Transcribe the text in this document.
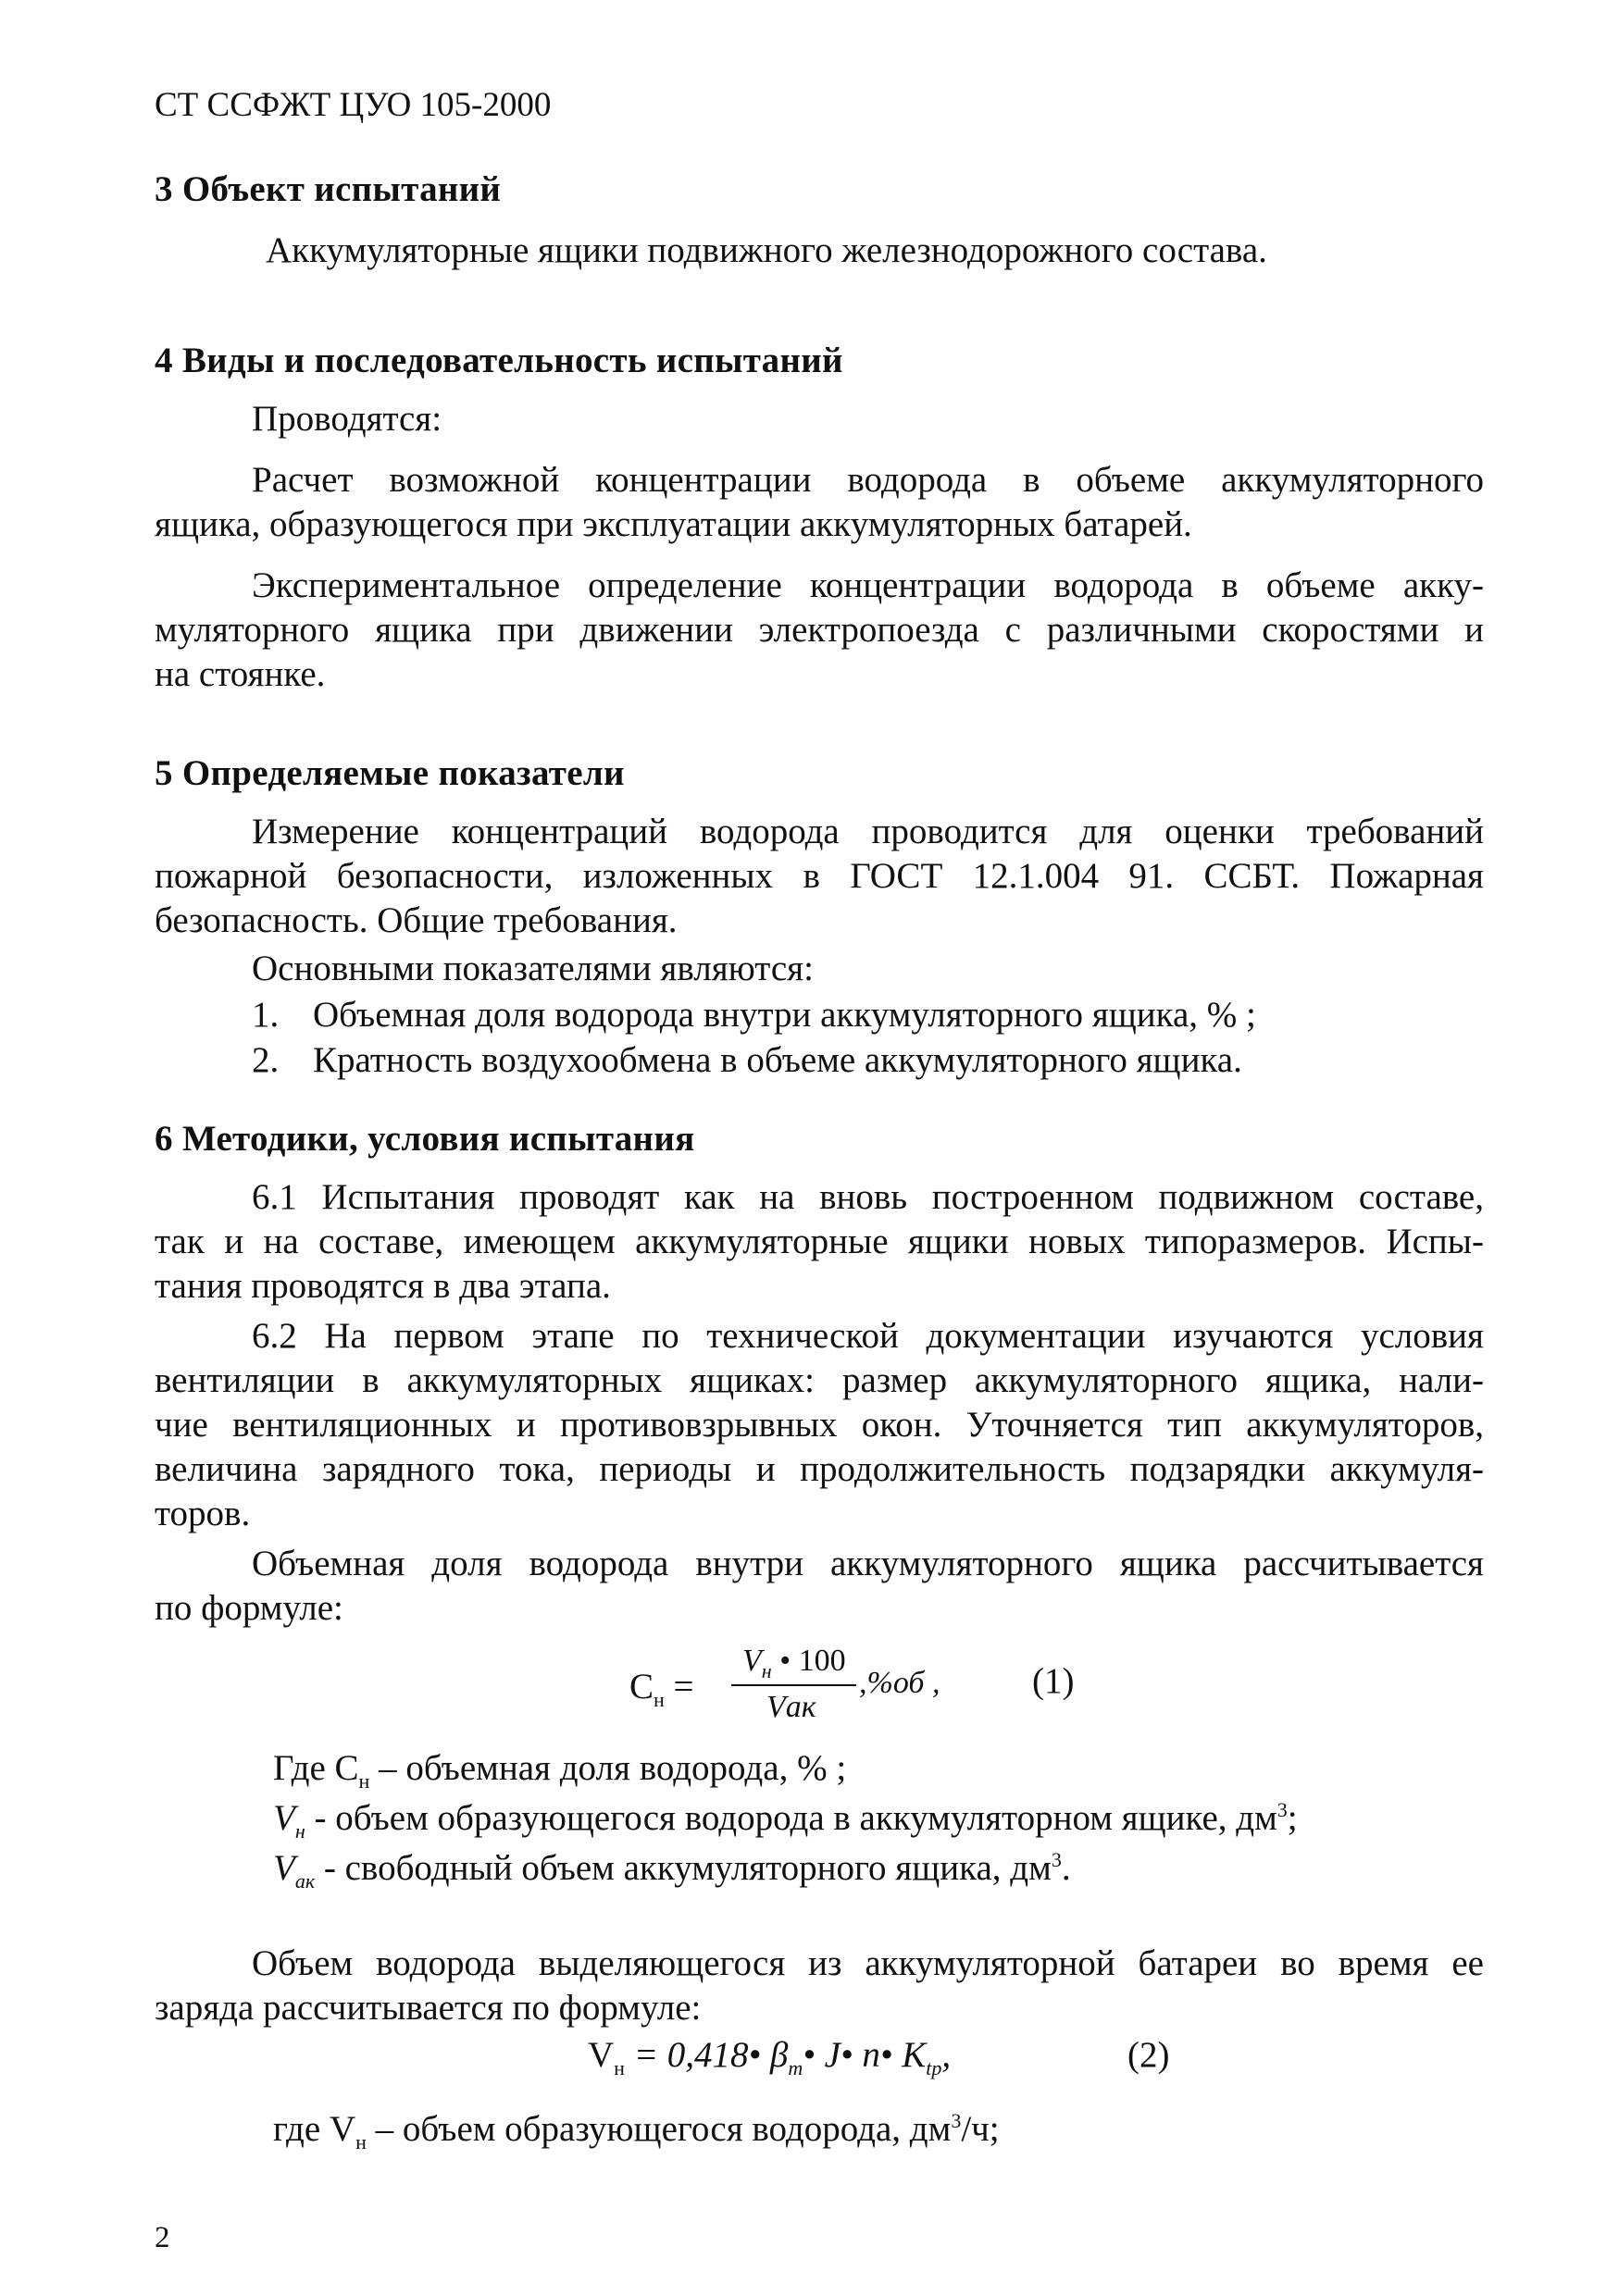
СТ ССФЖТ ЦУО 105-2000
3 Объект испытаний
Аккумуляторные ящики подвижного железнодорожного состава.
4 Виды и последовательность испытаний
Проводятся:
Расчет возможной концентрации водорода в объеме аккумуляторного
ящика, образующегося при эксплуатации аккумуляторных батарей.
Экспериментальное определение концентрации водорода в объеме акку-
муляторного ящика при движении электропоезда с различными скоростями и
на стоянке.
5 Определяемые показатели
Измерение концентраций водорода проводится для оценки требований
пожарной безопасности, изложенных в ГОСТ 12.1.004 91. ССБТ. Пожарная
безопасность. Общие требования.
Основными показателями являются:
1. Объемная доля водорода внутри аккумуляторного ящика, % ;
2. Кратность воздухообмена в объеме аккумуляторного ящика.
6 Методики, условия испытания
6.1 Испытания проводят как на вновь построенном подвижном составе,
так и на составе, имеющем аккумуляторные ящики новых типоразмеров. Испы-
тания проводятся в два этапа.
6.2 На первом этапе по технической документации изучаются условия
вентиляции в аккумуляторных ящиках: размер аккумуляторного ящика, нали-
чие вентиляционных и противовзрывных окон. Уточняется тип аккумуляторов,
величина зарядного тока, периоды и продолжительность подзарядки аккумуля-
торов.
Объемная доля водорода внутри аккумуляторного ящика рассчитывается
по формуле:
$С_н$ =
$V_н$ • 100
Vак
,%об ,	(1)
Где $С_н$ – объемная доля водорода, % ;
$V_н$ - объем образующегося водорода в аккумуляторном ящике, $дм^3$;
$V_{ак}$ - свободный объем аккумуляторного ящика, $дм^3$.
Объем водорода выделяющегося из аккумуляторной батареи во время ее
заряда рассчитывается по формуле:
$V_н$ = 0,418• $\beta_т•$ J• n• $K_{tp}$,	(2)
где $V_н$ – объем образующегося водорода, $дм^3/ч$;
2
